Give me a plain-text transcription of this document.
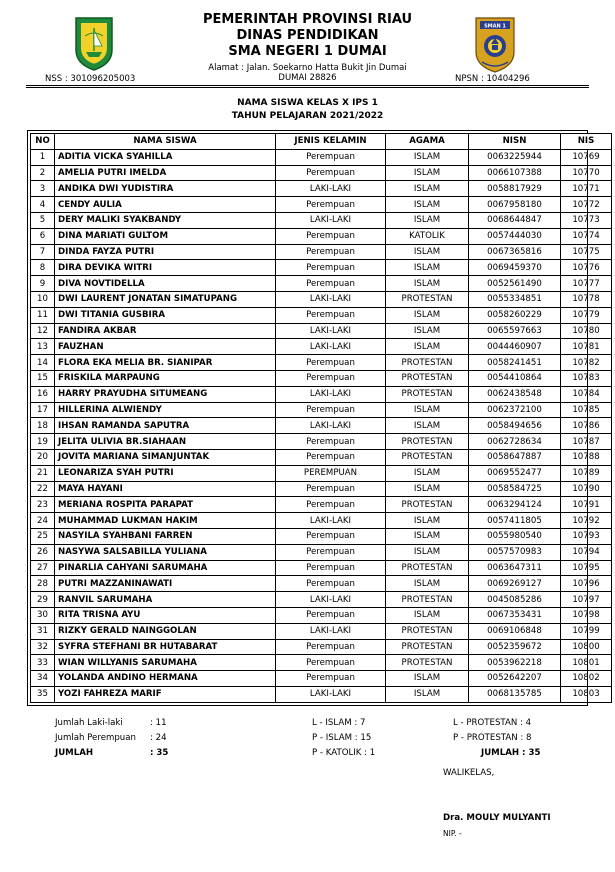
SMAN 1
PEMERINTAH PROVINSI RIAU
DINAS PENDIDIKAN
SMA NEGERI 1 DUMAI
Alamat : Jalan. Soekarno Hatta Bukit Jin Dumai
DUMAI 28826
NSS : 301096205003	NPSN : 10404296
NAMA SISWA KELAS X IPS 1
TAHUN PELAJARAN 2021/2022
NO	NAMA SISWA	JENIS KELAMIN	AGAMA	NISN	NIS
1	ADITIA VICKA SYAHILLA	Perempuan	ISLAM	0063225944	10769
2	AMELIA PUTRI IMELDA	Perempuan	ISLAM	0066107388	10770
3	ANDIKA DWI YUDISTIRA	LAKI-LAKI	ISLAM	0058817929	10771
4	CENDY AULIA	Perempuan	ISLAM	0067958180	10772
5	DERY MALIKI SYAKBANDY	LAKI-LAKI	ISLAM	0068644847	10773
6	DINA MARIATI GULTOM	Perempuan	KATOLIK	0057444030	10774
7	DINDA FAYZA PUTRI	Perempuan	ISLAM	0067365816	10775
8	DIRA DEVIKA WITRI	Perempuan	ISLAM	0069459370	10776
9	DIVA NOVTIDELLA	Perempuan	ISLAM	0052561490	10777
10	DWI LAURENT JONATAN SIMATUPANG	LAKI-LAKI	PROTESTAN	0055334851	10778
11	DWI TITANIA GUSBIRA	Perempuan	ISLAM	0058260229	10779
12	FANDIRA AKBAR	LAKI-LAKI	ISLAM	0065597663	10780
13	FAUZHAN	LAKI-LAKI	ISLAM	0044460907	10781
14	FLORA EKA MELIA BR. SIANIPAR	Perempuan	PROTESTAN	0058241451	10782
15	FRISKILA MARPAUNG	Perempuan	PROTESTAN	0054410864	10783
16	HARRY PRAYUDHA SITUMEANG	LAKI-LAKI	PROTESTAN	0062438548	10784
17	HILLERINA ALWIENDY	Perempuan	ISLAM	0062372100	10785
18	IHSAN RAMANDA SAPUTRA	LAKI-LAKI	ISLAM	0058494656	10786
19	JELITA ULIVIA BR.SIAHAAN	Perempuan	PROTESTAN	0062728634	10787
20	JOVITA MARIANA SIMANJUNTAK	Perempuan	PROTESTAN	0058647887	10788
21	LEONARIZA SYAH PUTRI	PEREMPUAN	ISLAM	0069552477	10789
22	MAYA HAYANI	Perempuan	ISLAM	0058584725	10790
23	MERIANA ROSPITA PARAPAT	Perempuan	PROTESTAN	0063294124	10791
24	MUHAMMAD LUKMAN HAKIM	LAKI-LAKI	ISLAM	0057411805	10792
25	NASYILA SYAHBANI FARREN	Perempuan	ISLAM	0055980540	10793
26	NASYWA SALSABILLA YULIANA	Perempuan	ISLAM	0057570983	10794
27	PINARLIA CAHYANI SARUMAHA	Perempuan	PROTESTAN	0063647311	10795
28	PUTRI MAZZANINAWATI	Perempuan	ISLAM	0069269127	10796
29	RANVIL SARUMAHA	LAKI-LAKI	PROTESTAN	0045085286	10797
30	RITA TRISNA AYU	Perempuan	ISLAM	0067353431	10798
31	RIZKY GERALD NAINGGOLAN	LAKI-LAKI	PROTESTAN	0069106848	10799
32	SYFRA STEFHANI BR HUTABARAT	Perempuan	PROTESTAN	0052359672	10800
33	WIAN WILLYANIS SARUMAHA	Perempuan	PROTESTAN	0053962218	10801
34	YOLANDA ANDINO HERMANA	Perempuan	ISLAM	0052642207	10802
35	YOZI FAHREZA MARIF	LAKI-LAKI	ISLAM	0068135785	10803
Jumlah Laki-laki	: 11
Jumlah Perempuan : 24
JUMLAH	: 35
L - ISLAM : 7
P - ISLAM : 15
P - KATOLIK : 1
L - PROTESTAN : 4
P - PROTESTAN : 8
JUMLAH : 35
WALIKELAS,
Dra. MOULY MULYANTI
NIP. -
